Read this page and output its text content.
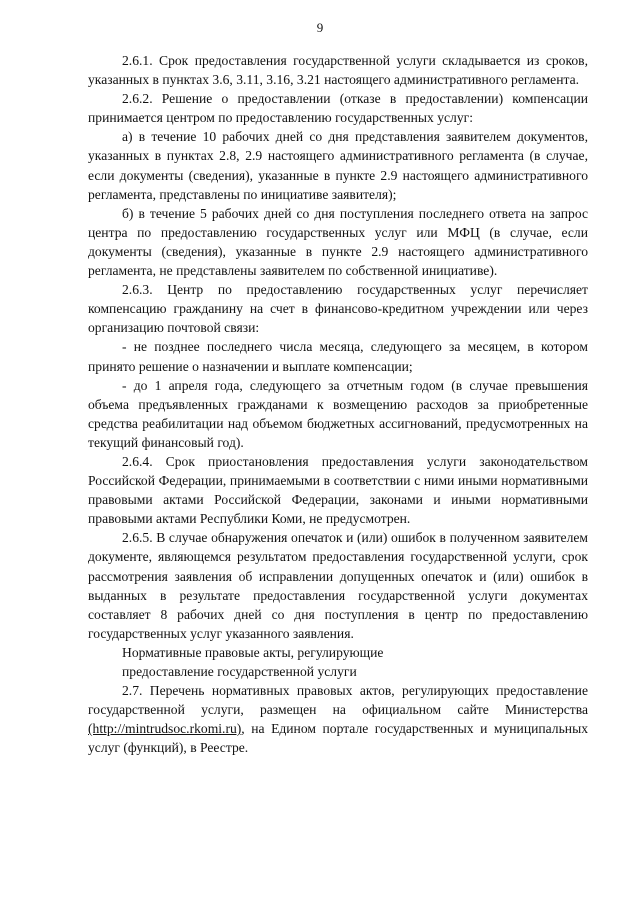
9

2.6.1. Срок предоставления государственной услуги складывается из сроков, указанных в пунктах 3.6, 3.11, 3.16, 3.21 настоящего административного регламента.

2.6.2. Решение о предоставлении (отказе в предоставлении) компенсации принимается центром по предоставлению государственных услуг:

а) в течение 10 рабочих дней со дня представления заявителем документов, указанных в пунктах 2.8, 2.9 настоящего административного регламента (в случае, если документы (сведения), указанные в пункте 2.9 настоящего административного регламента, представлены по инициативе заявителя);

б) в течение 5 рабочих дней со дня поступления последнего ответа на запрос центра по предоставлению государственных услуг или МФЦ (в случае, если документы (сведения), указанные в пункте 2.9 настоящего административного регламента, не представлены заявителем по собственной инициативе).

2.6.3. Центр по предоставлению государственных услуг перечисляет компенсацию гражданину на счет в финансово-кредитном учреждении или через организацию почтовой связи:

- не позднее последнего числа месяца, следующего за месяцем, в котором принято решение о назначении и выплате компенсации;

- до 1 апреля года, следующего за отчетным годом (в случае превышения объема предъявленных гражданами к возмещению расходов за приобретенные средства реабилитации над объемом бюджетных ассигнований, предусмотренных на текущий финансовый год).

2.6.4. Срок приостановления предоставления услуги законодательством Российской Федерации, принимаемыми в соответствии с ними иными нормативными правовыми актами Российской Федерации, законами и иными нормативными правовыми актами Республики Коми, не предусмотрен.

2.6.5. В случае обнаружения опечаток и (или) ошибок в полученном заявителем документе, являющемся результатом предоставления государственной услуги, срок рассмотрения заявления об исправлении допущенных опечаток и (или) ошибок в выданных в результате предоставления государственной услуги документах составляет 8 рабочих дней со дня поступления в центр по предоставлению государственных услуг указанного заявления.

Нормативные правовые акты, регулирующие
предоставление государственной услуги

2.7. Перечень нормативных правовых актов, регулирующих предоставление государственной услуги, размещен на официальном сайте Министерства (http://mintrudsoc.rkomi.ru), на Едином портале государственных и муниципальных услуг (функций), в Реестре.
